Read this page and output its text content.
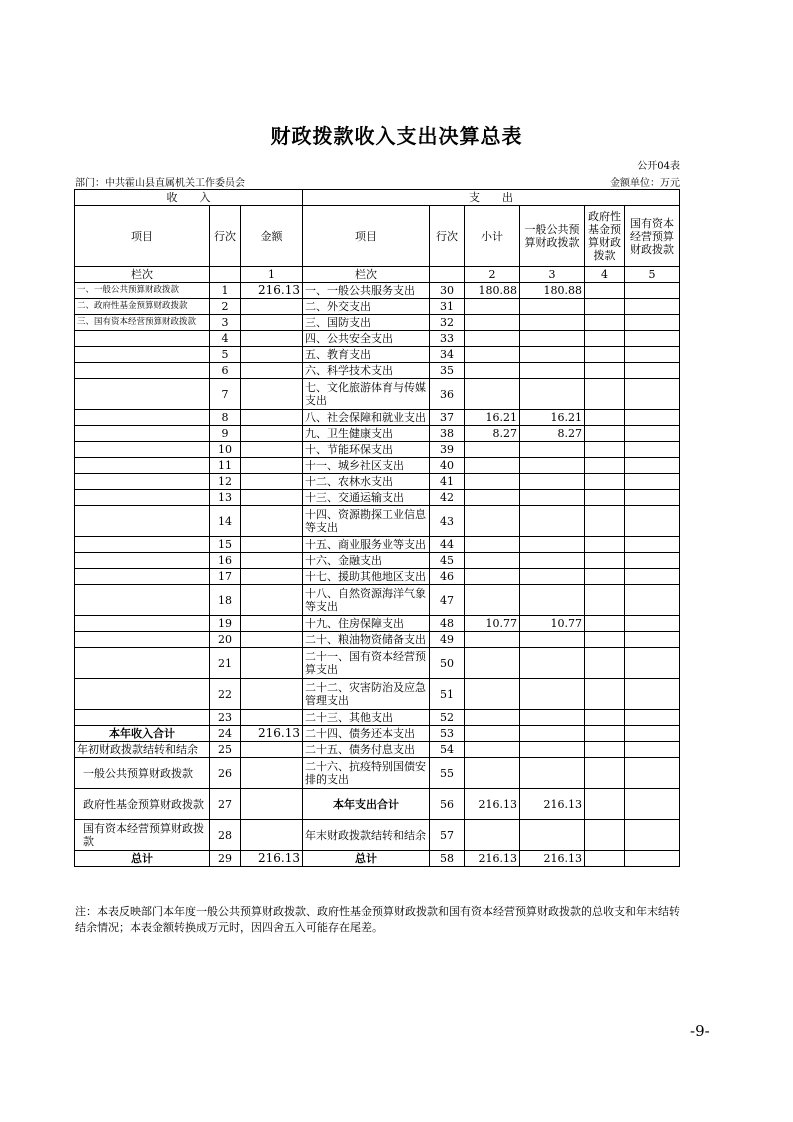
财政拨款收入支出决算总表
公开04表
部门：中共霍山县直属机关工作委员会	金额单位：万元
收　　入			支　　出					
项目	行次	金额	项目	行次	小计	一般公共预算财政拨款	政府性基金预算财政拨款	国有资本经营预算财政拨款
栏次		1	栏次		2	3	4	5
一、一般公共预算财政拨款	1	216.13	一、一般公共服务支出	30	180.88	180.88		
二、政府性基金预算财政拨款	2		二、外交支出	31				
三、国有资本经营预算财政拨款	3		三、国防支出	32				
	4		四、公共安全支出	33				
	5		五、教育支出	34				
	6		六、科学技术支出	35				
	7		七、文化旅游体育与传媒支出	36				
	8		八、社会保障和就业支出	37	16.21	16.21		
	9		九、卫生健康支出	38	8.27	8.27		
	10		十、节能环保支出	39				
	11		十一、城乡社区支出	40				
	12		十二、农林水支出	41				
	13		十三、交通运输支出	42				
	14		十四、资源勘探工业信息等支出	43				
	15		十五、商业服务业等支出	44				
	16		十六、金融支出	45				
	17		十七、援助其他地区支出	46				
	18		十八、自然资源海洋气象等支出	47				
	19		十九、住房保障支出	48	10.77	10.77		
	20		二十、粮油物资储备支出	49				
	21		二十一、国有资本经营预算支出	50				
	22		二十二、灾害防治及应急管理支出	51				
	23		二十三、其他支出	52				
本年收入合计	24	216.13	二十四、债务还本支出	53				
年初财政拨款结转和结余	25		二十五、债务付息支出	54				
一般公共预算财政拨款	26		二十六、抗疫特别国债安排的支出	55				
政府性基金预算财政拨款	27		本年支出合计	56	216.13	216.13		
国有资本经营预算财政拨款	28		年末财政拨款结转和结余	57				
总计	29	216.13	总计	58	216.13	216.13		
注：本表反映部门本年度一般公共预算财政拨款、政府性基金预算财政拨款和国有资本经营预算财政拨款的总收支和年末结转结余情况；本表金额转换成万元时，因四舍五入可能存在尾差。
-9-
